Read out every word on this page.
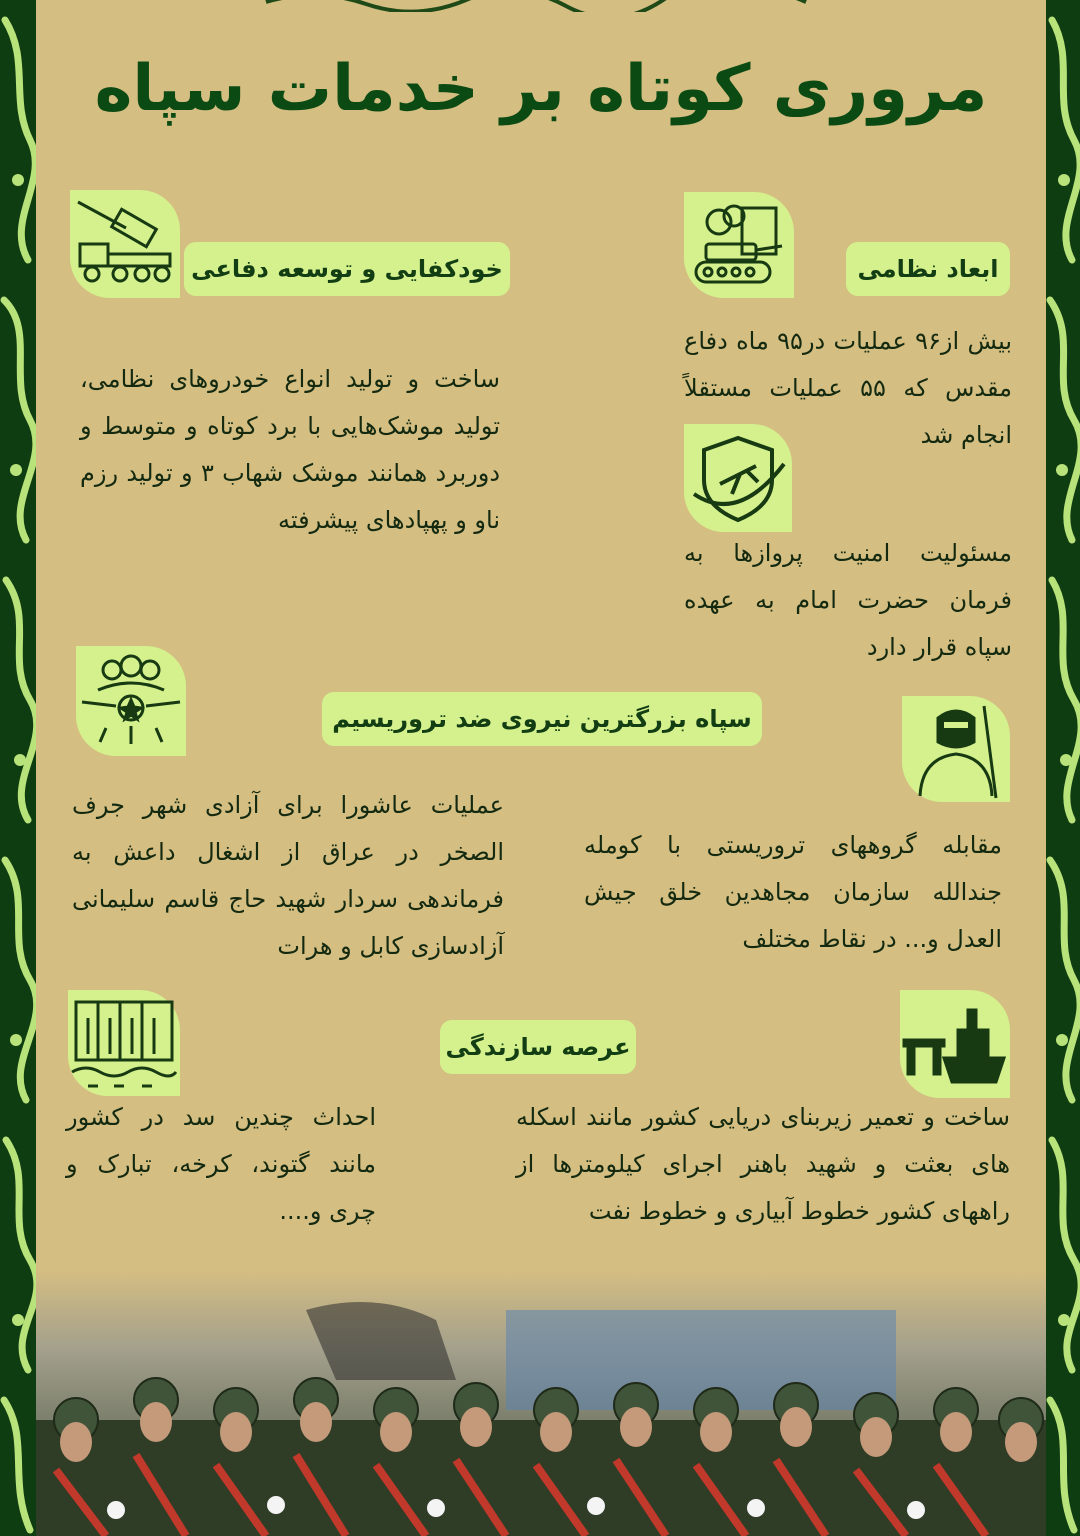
مروری کوتاه بر خدمات سپاه
ابعاد نظامی
بیش از۹۶ عملیات در۹۵ ماه دفاع مقدس که ۵۵ عملیات مستقلاً انجام شد
مسئولیت امنیت پروازها به فرمان حضرت امام به عهده سپاه قرار دارد
خودکفایی و توسعه دفاعی
ساخت و تولید انواع خودروهای نظامی، تولید موشک‌هایی با برد کوتاه و متوسط و دوربرد همانند موشک شهاب ۳ و تولید رزم ناو و پهپادهای پیشرفته
سپاه بزرگترین نیروی ضد تروریسیم
عملیات عاشورا برای آزادی شهر جرف الصخر در عراق از اشغال داعش به فرماندهی سردار شهید حاج قاسم سلیمانی آزادسازی کابل و هرات
مقابله گروههای تروریستی با کومله جندالله سازمان مجاهدین خلق جیش العدل و... در نقاط مختلف
عرصه سازندگی
احداث چندین سد در کشور مانند گتوند، کرخه، تبارک و چری و....
ساخت و تعمیر زیربنای دریایی کشور مانند اسکله های بعثت و شهید باهنر اجرای کیلومترها از راههای کشور خطوط آبیاری و خطوط نفت
